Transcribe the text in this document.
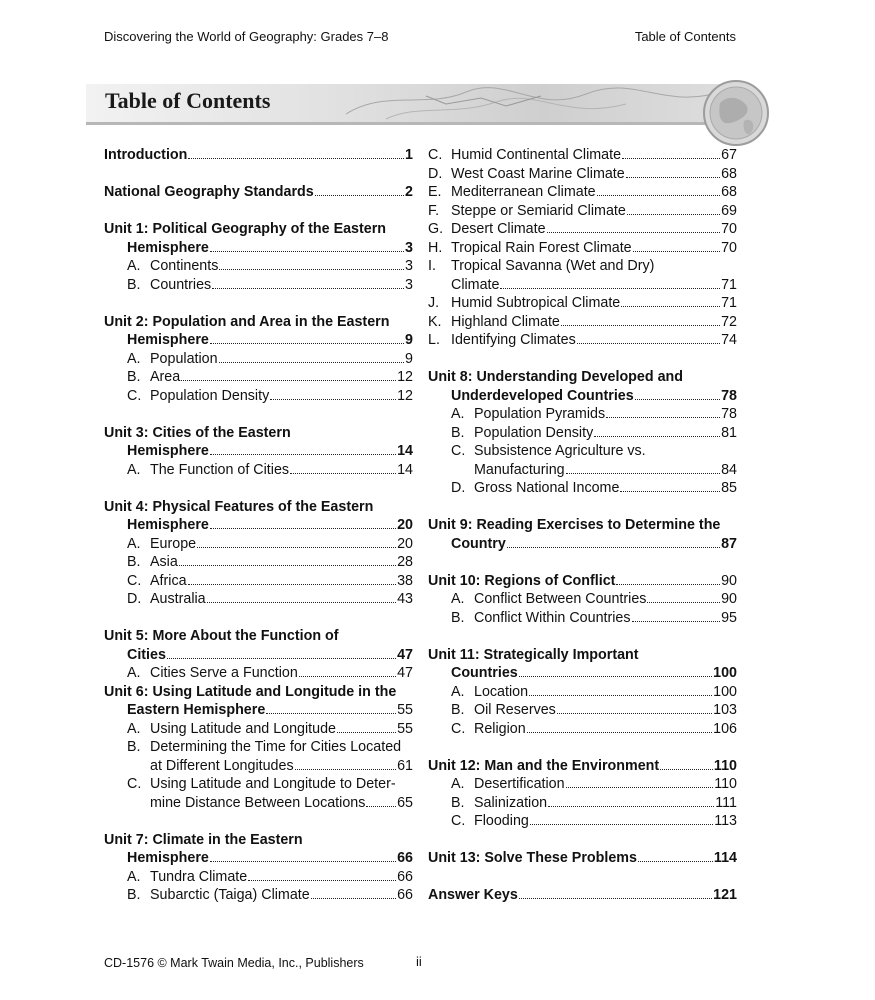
Discovering the World of Geography: Grades 7–8	Table of Contents
Table of Contents
Introduction	1
National Geography Standards	2
Unit 1: Political Geography of the Eastern
Hemisphere	3
A. Continents	3
B. Countries	3
Unit 2: Population and Area in the Eastern
Hemisphere	9
A. Population	9
B. Area	12
C. Population Density	12
Unit 3: Cities of the Eastern
Hemisphere	14
A. The Function of Cities	14
Unit 4: Physical Features of the Eastern
Hemisphere	20
A. Europe	20
B. Asia	28
C. Africa	38
D. Australia	43
Unit 5: More About the Function of
Cities	47
A. Cities Serve a Function	47
Unit 6: Using Latitude and Longitude in the
Eastern Hemisphere	55
A. Using Latitude and Longitude	55
B. Determining the Time for Cities Located
at Different Longitudes	61
C. Using Latitude and Longitude to Deter-
mine Distance Between Locations 65
Unit 7: Climate in the Eastern
Hemisphere	66
A. Tundra Climate	66
B. Subarctic (Taiga) Climate	66
C. Humid Continental Climate	67
D. West Coast Marine Climate	68
E. Mediterranean Climate	68
F. Steppe or Semiarid Climate	69
G. Desert Climate	70
H. Tropical Rain Forest Climate	70
I.	Tropical Savanna (Wet and Dry)
Climate	71
J. Humid Subtropical Climate	71
K. Highland Climate	72
L. Identifying Climates	74
Unit 8: Understanding Developed and
Underdeveloped Countries	78
A. Population Pyramids	78
B. Population Density	81
C. Subsistence Agriculture vs.
Manufacturing	84
D. Gross National Income	85
Unit 9: Reading Exercises to Determine the
Country	87
Unit 10: Regions of Conflict	90
A. Conflict Between Countries	90
B. Conflict Within Countries	95
Unit 11: Strategically Important
Countries	100
A. Location	100
B. Oil Reserves	103
C. Religion	106
Unit 12: Man and the Environment	110
A. Desertification	110
B. Salinization	111
C. Flooding	113
Unit 13: Solve These Problems	114
Answer Keys	121
CD-1576 © Mark Twain Media, Inc., Publishers	ii
